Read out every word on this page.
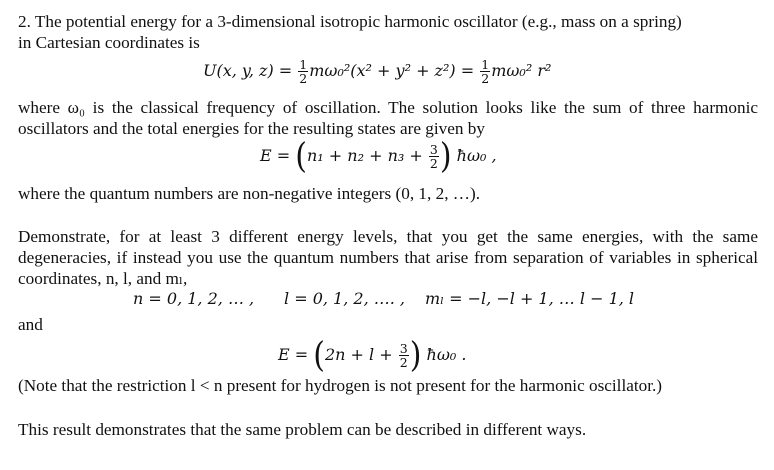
2. The potential energy for a 3-dimensional isotropic harmonic oscillator (e.g., mass on a spring)
in Cartesian coordinates is
U(x, y, $z) = \frac{1}{2} m\omega_0^2(x^2 + y^2 + z^2) = \frac{1}{2} m\omega_0^2$ r²
where ω₀ is the classical frequency of oscillation. The solution looks like the sum of three harmonic oscillators and the total energies for the resulting states are given by
$E = (n_1 + n_2 + n_3 + \frac{3}{2}$ ) ħω₀ ,
where the quantum numbers are non-negative integers (0, 1, 2, …).
Demonstrate, for at least 3 different energy levels, that you get the same energies, with the same degeneracies, if instead you use the quantum numbers that arise from separation of variables in spherical coordinates, n, l, and mₗ,
n = 0, 1, 2, … , l = 0, 1, 2, …. , mₗ = −l, −l + 1, … l − 1, l
and
$E = (2n + l + \frac{3}{2}$ ) ħω₀ .
(Note that the restriction l < n present for hydrogen is not present for the harmonic oscillator.)
This result demonstrates that the same problem can be described in different ways.
